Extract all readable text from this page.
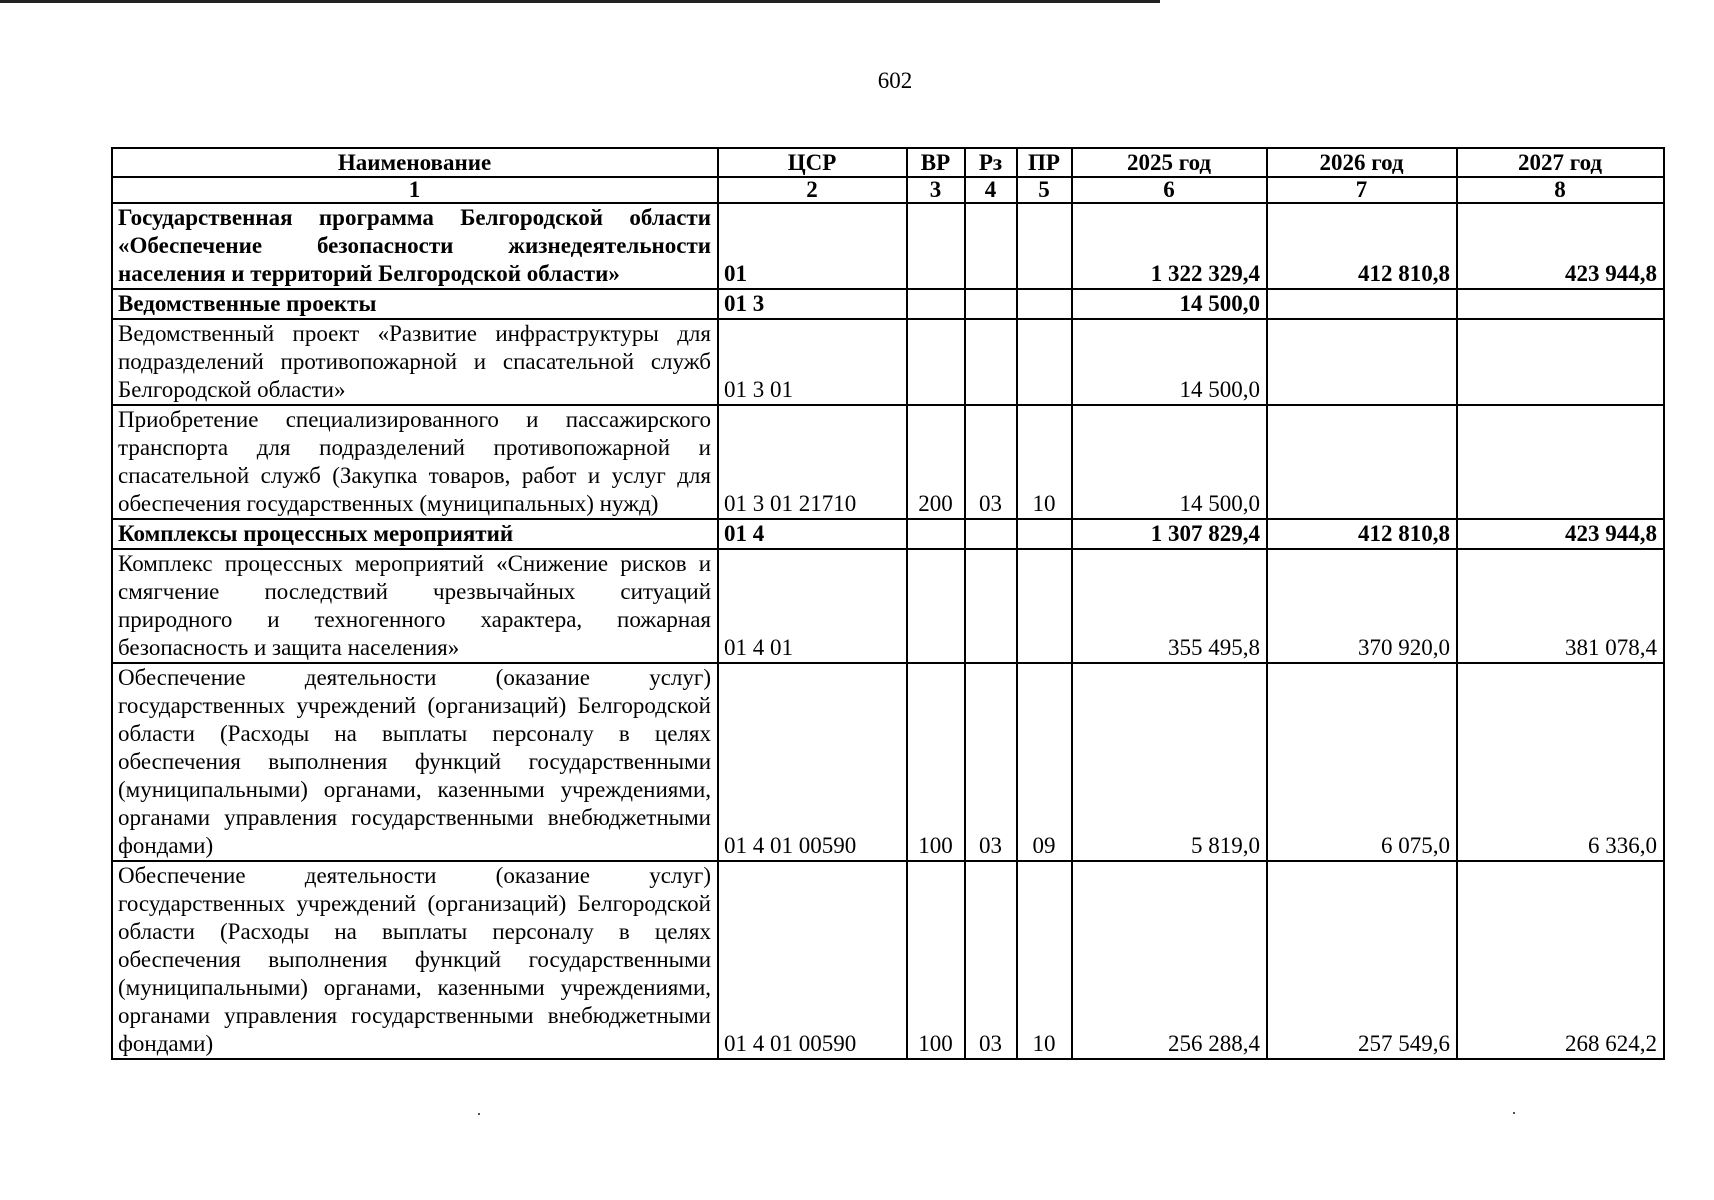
602
Наименование	ЦСР	ВР	Рз	ПР	2025 год	2026 год	2027 год
1	2	3	4	5	6	7	8
Государственная программа Белгородской области «Обеспечение безопасности жизнедеятельности населения и территорий Белгородской области»	01				1 322 329,4	412 810,8	423 944,8
Ведомственные проекты	01 3				14 500,0		
Ведомственный проект «Развитие инфраструктуры для подразделений противопожарной и спасательной служб Белгородской области»	01 3 01				14 500,0		
Приобретение специализированного и пассажирского транспорта для подразделений противопожарной и спасательной служб (Закупка товаров, работ и услуг для обеспечения государственных (муниципальных) нужд)	01 3 01 21710	200	03	10	14 500,0		
Комплексы процессных мероприятий	01 4				1 307 829,4	412 810,8	423 944,8
Комплекс процессных мероприятий «Снижение рисков и смягчение последствий чрезвычайных ситуаций природного и техногенного характера, пожарная безопасность и защита населения»	01 4 01				355 495,8	370 920,0	381 078,4
Обеспечение деятельности (оказание услуг) государственных учреждений (организаций) Белгородской области (Расходы на выплаты персоналу в целях обеспечения выполнения функций государственными (муниципальными) органами, казенными учреждениями, органами управления государственными внебюджетными фондами)	01 4 01 00590	100	03	09	5 819,0	6 075,0	6 336,0
Обеспечение деятельности (оказание услуг) государственных учреждений (организаций) Белгородской области (Расходы на выплаты персоналу в целях обеспечения выполнения функций государственными (муниципальными) органами, казенными учреждениями, органами управления государственными внебюджетными фондами)	01 4 01 00590	100	03	10	256 288,4	257 549,6	268 624,2
